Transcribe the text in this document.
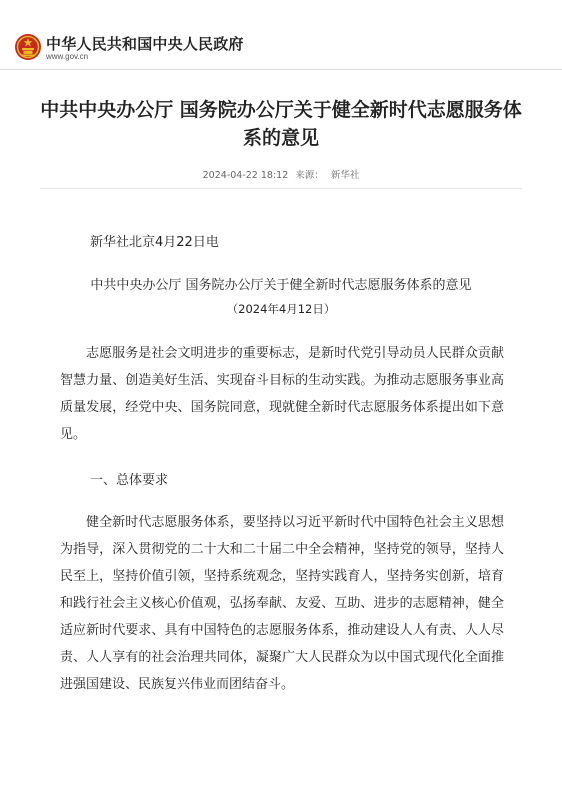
中华人民共和国中央人民政府
www.gov.cn
中共中央办公厅 国务院办公厅关于健全新时代志愿服务体系的意见
2024-04-22 18:12 来源： 新华社
新华社北京4月22日电
中共中央办公厅 国务院办公厅关于健全新时代志愿服务体系的意见
（2024年4月12日）
志愿服务是社会文明进步的重要标志，是新时代党引导动员人民群众贡献智慧力量、创造美好生活、实现奋斗目标的生动实践。为推动志愿服务事业高质量发展，经党中央、国务院同意，现就健全新时代志愿服务体系提出如下意见。
一、总体要求
健全新时代志愿服务体系，要坚持以习近平新时代中国特色社会主义思想为指导，深入贯彻党的二十大和二十届二中全会精神，坚持党的领导，坚持人民至上，坚持价值引领，坚持系统观念，坚持实践育人，坚持务实创新，培育和践行社会主义核心价值观，弘扬奉献、友爱、互助、进步的志愿精神，健全适应新时代要求、具有中国特色的志愿服务体系，推动建设人人有责、人人尽责、人人享有的社会治理共同体，凝聚广大人民群众为以中国式现代化全面推进强国建设、民族复兴伟业而团结奋斗。
